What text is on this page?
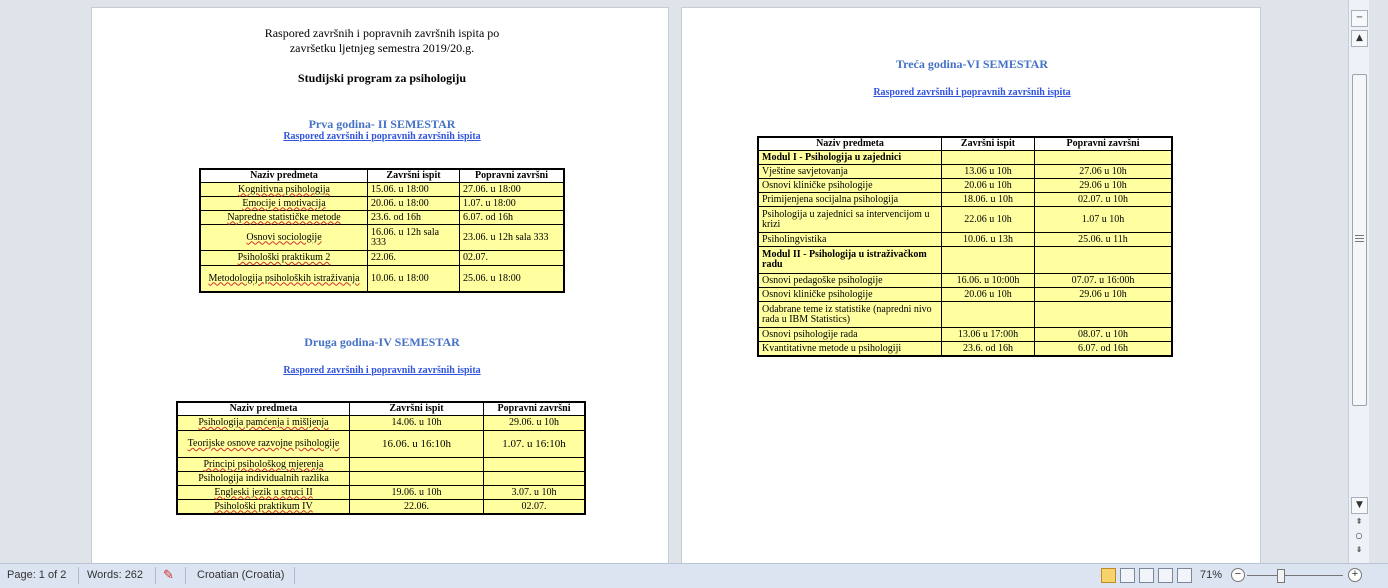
Raspored završnih i popravnih završnih ispita po
završetku ljetnjeg semestra 2019/20.g.
Studijski program za psihologiju
Prva godina- II SEMESTAR
Raspored završnih i popravnih završnih ispita
Naziv predmeta	Završni ispit	Popravni završni
Kognitivna psihologija	15.06. u 18:00	27.06. u 18:00
Emocije i motivacija	20.06. u 18:00	1.07. u 18:00
Napredne statističke metode	23.6. od 16h	6.07. od 16h
Osnovi sociologije	16.06. u 12h sala 333	23.06. u 12h sala 333
Psihološki praktikum 2	22.06.	02.07.
Metodologija psiholoških istraživanja	10.06. u 18:00	25.06. u 18:00
Druga godina-IV SEMESTAR
Raspored završnih i popravnih završnih ispita
Naziv predmeta	Završni ispit	Popravni završni
Psihologija pamćenja i mišljenja	14.06. u 10h	29.06. u 10h
Teorijske osnove razvojne psihologije	16.06. u 16:10h	1.07. u 16:10h
Principi psihološkog mjerenja		
Psihologija individualnih razlika		
Engleski jezik u struci II	19.06. u 10h	3.07. u 10h
Psihološki praktikum IV	22.06.	02.07.
Treća godina-VI SEMESTAR
Raspored završnih i popravnih završnih ispita
Naziv predmeta	Završni ispit	Popravni završni
Modul I - Psihologija u zajednici		
Vještine savjetovanja	13.06 u 10h	27.06 u 10h
Osnovi kliničke psihologije	20.06 u 10h	29.06 u 10h
Primijenjena socijalna psihologija	18.06. u 10h	02.07. u 10h
Psihologija u zajednici sa intervencijom u krizi	22.06 u 10h	1.07 u 10h
Psiholingvistika	10.06. u 13h	25.06. u 11h
Modul II - Psihologija u istraživačkom radu		
Osnovi pedagoške psihologije	16.06. u 10:00h	07.07. u 16:00h
Osnovi kliničke psihologije	20.06 u 10h	29.06 u 10h
Odabrane teme iz statistike (napredni nivo rada u IBM Statistics)		
Osnovi psihologije rada	13.06 u 17:00h	08.07. u 10h
Kvantitativne metode u psihologiji	23.6. od 16h	6.07. od 16h
─
▲
▼
⇞
○
⇟
Page: 1 of 2 Words: 262 ✎ Croatian (Croatia)	71%	−	+
